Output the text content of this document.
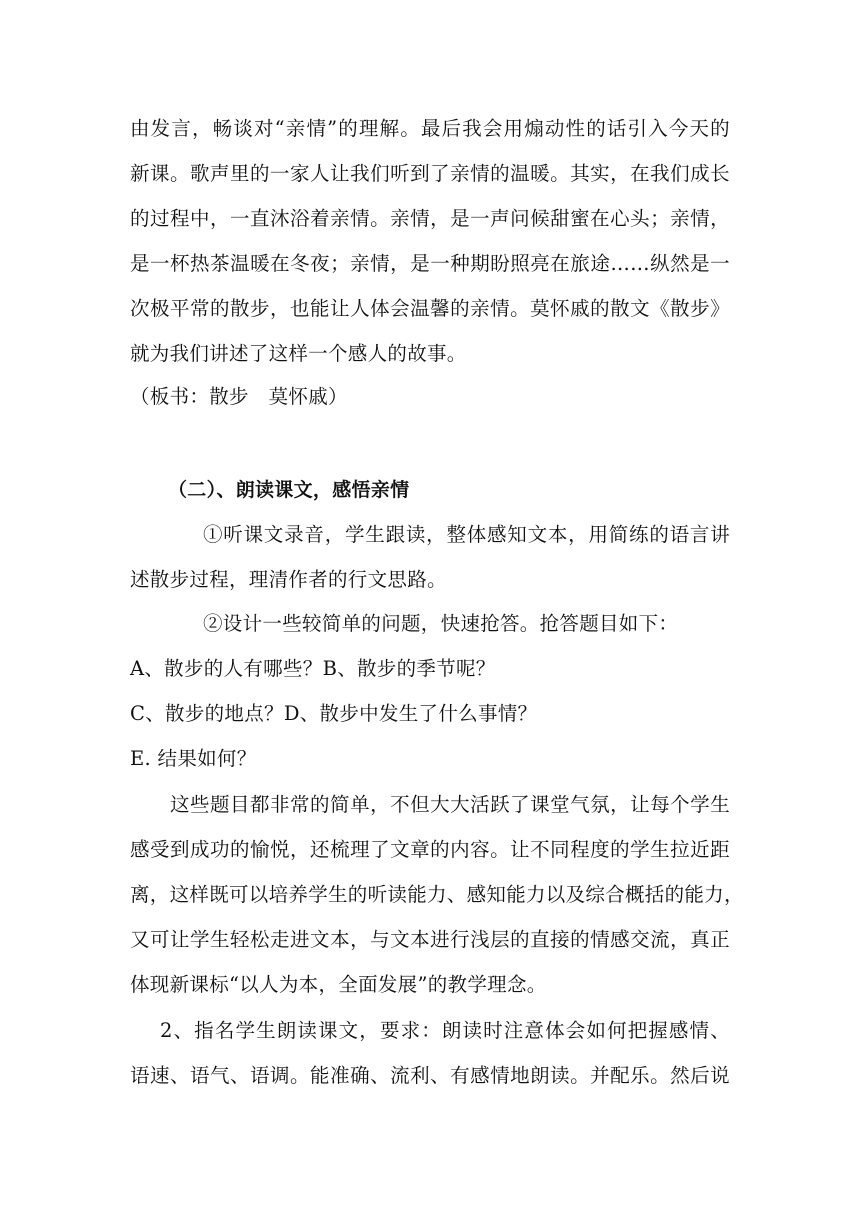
由发言，畅谈对“亲情”的理解。最后我会用煽动性的话引入今天的
新课。歌声里的一家人让我们听到了亲情的温暖。其实，在我们成长
的过程中，一直沐浴着亲情。亲情，是一声问候甜蜜在心头；亲情，
是一杯热茶温暖在冬夜；亲情，是一种期盼照亮在旅途……纵然是一
次极平常的散步，也能让人体会温馨的亲情。莫怀戚的散文《散步》
就为我们讲述了这样一个感人的故事。
（板书：散步　莫怀戚）
（二）、朗读课文，感悟亲情
①听课文录音，学生跟读，整体感知文本，用简练的语言讲
述散步过程，理清作者的行文思路。
②设计一些较简单的问题，快速抢答。抢答题目如下：
A、散步的人有哪些？B、散步的季节呢？
C、散步的地点？D、散步中发生了什么事情？
E. 结果如何？
这些题目都非常的简单，不但大大活跃了课堂气氛，让每个学生
感受到成功的愉悦，还梳理了文章的内容。让不同程度的学生拉近距
离，这样既可以培养学生的听读能力、感知能力以及综合概括的能力，
又可让学生轻松走进文本，与文本进行浅层的直接的情感交流，真正
体现新课标“以人为本，全面发展”的教学理念。
2、指名学生朗读课文，要求：朗读时注意体会如何把握感情、
语速、语气、语调。能准确、流利、有感情地朗读。并配乐。然后说
